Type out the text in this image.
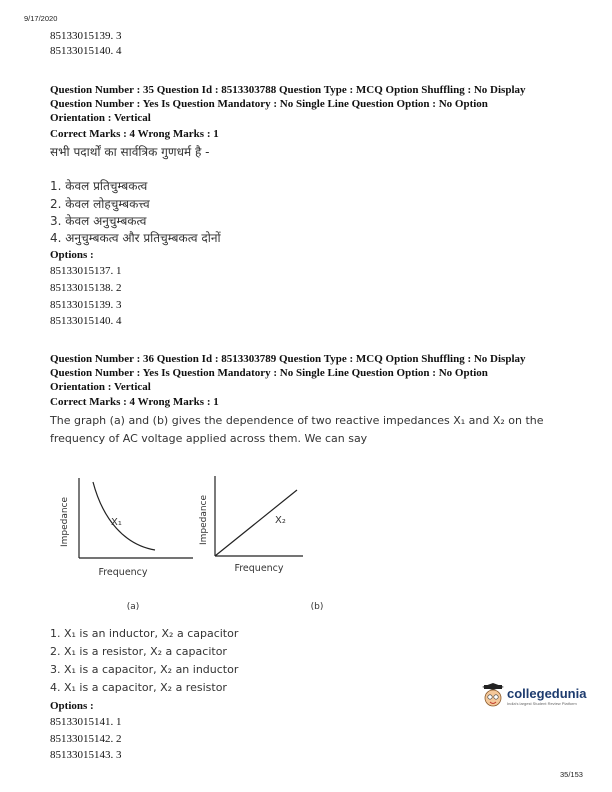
9/17/2020
85133015139. 3
85133015140. 4
Question Number : 35 Question Id : 8513303788 Question Type : MCQ Option Shuffling : No Display
Question Number : Yes Is Question Mandatory : No Single Line Question Option : No Option
Orientation : Vertical
Correct Marks : 4 Wrong Marks : 1
सभी पदार्थों का सार्वत्रिक गुणधर्म है -
1. केवल प्रतिचुम्बकत्व
2. केवल लोहचुम्बकत्त्व
3. केवल अनुचुम्बकत्व
4. अनुचुम्बकत्व और प्रतिचुम्बकत्व दोनों
Options :
85133015137. 1
85133015138. 2
85133015139. 3
85133015140. 4
Question Number : 36 Question Id : 8513303789 Question Type : MCQ Option Shuffling : No Display
Question Number : Yes Is Question Mandatory : No Single Line Question Option : No Option
Orientation : Vertical
Correct Marks : 4 Wrong Marks : 1
The graph (a) and (b) gives the dependence of two reactive impedances X₁ and X₂ on the
frequency of AC voltage applied across them. We can say
Impedance
Frequency
X₁
(a)
Impedance
Frequency
X₂
(b)
1. X₁ is an inductor, X₂ a capacitor
2. X₁ is a resistor, X₂ a capacitor
3. X₁ is a capacitor, X₂ an inductor
4. X₁ is a capacitor, X₂ a resistor
Options :
85133015141. 1
85133015142. 2
85133015143. 3
collegedunia
India's largest Student Review Platform
35/153
